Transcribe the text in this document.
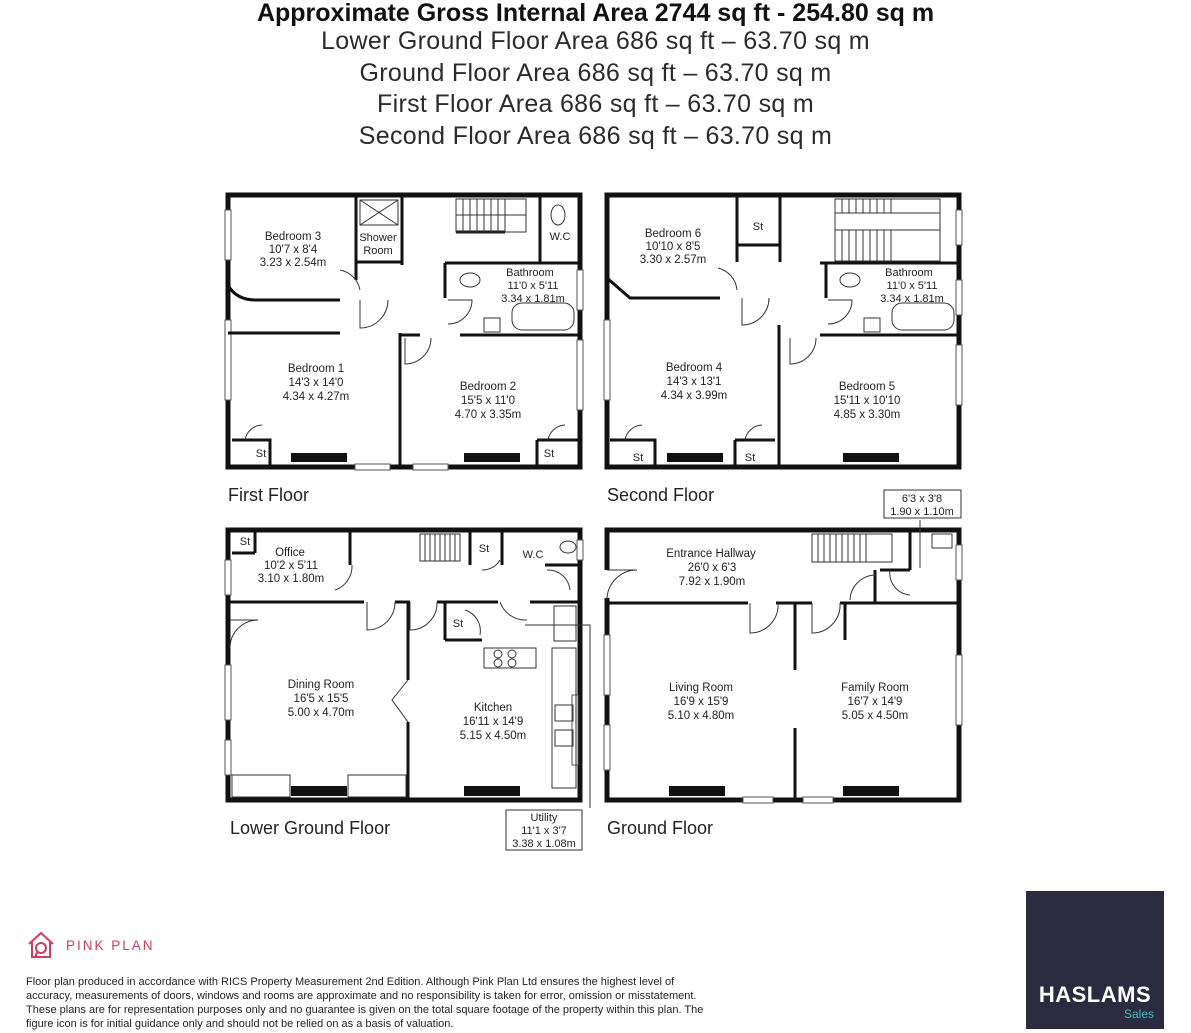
Approximate Gross Internal Area 2744 sq ft - 254.80 sq m
Lower Ground Floor Area 686 sq ft – 63.70 sq m
Ground Floor Area 686 sq ft – 63.70 sq m
First Floor Area 686 sq ft – 63.70 sq m
Second Floor Area 686 sq ft – 63.70 sq m
Bedroom 3
10'7 x 8'4
3.23 x 2.54m
Shower
Room
W.C
Bathroom
11'0 x 5'11
3.34 x 1.81m
Bedroom 1
14'3 x 14'0
4.34 x 4.27m
Bedroom 2
15'5 x 11'0
4.70 x 3.35m
St	St
First Floor
Bedroom 6
10'10 x 8'5
3.30 x 2.57m
St
Bathroom
11'0 x 5'11
3.34 x 1.81m
Bedroom 4
14'3 x 13'1
4.34 x 3.99m
Bedroom 5
15'11 x 10'10
4.85 x 3.30m
St	St
Second Floor
St
Office
10'2 x 5'11
3.10 x 1.80m
St	W.C
St
Dining Room
16'5 x 15'5
5.00 x 4.70m	Kitchen
16'11 x 14'9
5.15 x 4.50m
Utility
11'1 x 3'7
3.38 x 1.08m
Lower Ground Floor
Entrance Hallway
26'0 x 6'3
7.92 x 1.90m
6'3 x 3'8
1.90 x 1.10m
Living Room
16'9 x 15'9
5.10 x 4.80m
Family Room
16'7 x 14'9
5.05 x 4.50m
Ground Floor
PINK PLAN
Floor plan produced in accordance with RICS Property Measurement 2nd Edition. Although Pink Plan Ltd ensures the highest level of accuracy, measurements of doors, windows and rooms are approximate and no responsibility is taken for error, omission or misstatement. These plans are for representation purposes only and no guarantee is given on the total square footage of the property within this plan. The figure icon is for initial guidance only and should not be relied on as a basis of valuation.
HASLAMS
Sales
